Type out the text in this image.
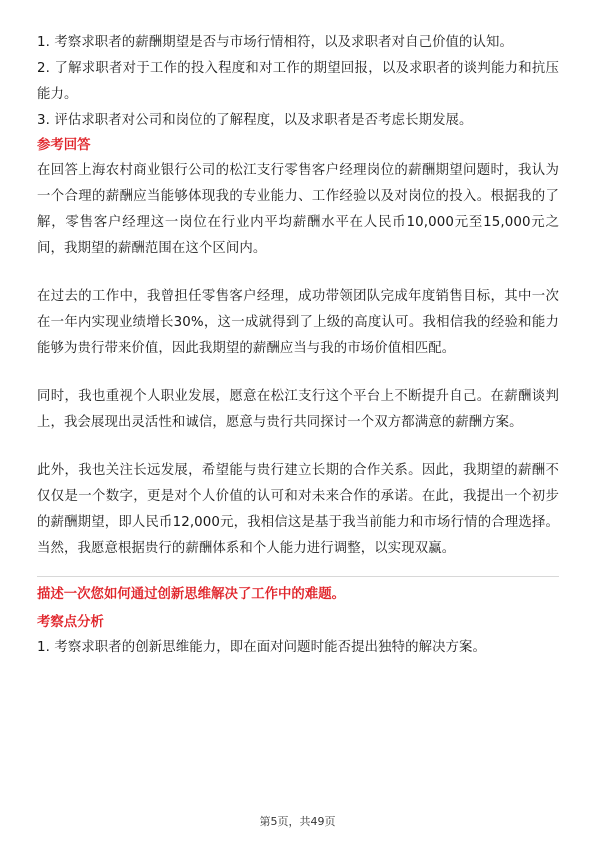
1. 考察求职者的薪酬期望是否与市场行情相符，以及求职者对自己价值的认知。

2. 了解求职者对于工作的投入程度和对工作的期望回报，以及求职者的谈判能力和抗压能力。

3. 评估求职者对公司和岗位的了解程度，以及求职者是否考虑长期发展。

参考回答

在回答上海农村商业银行公司的松江支行零售客户经理岗位的薪酬期望问题时，我认为一个合理的薪酬应当能够体现我的专业能力、工作经验以及对岗位的投入。根据我的了解，零售客户经理这一岗位在行业内平均薪酬水平在人民币10,000元至15,000元之间，我期望的薪酬范围在这个区间内。

在过去的工作中，我曾担任零售客户经理，成功带领团队完成年度销售目标，其中一次在一年内实现业绩增长30%，这一成就得到了上级的高度认可。我相信我的经验和能力能够为贵行带来价值，因此我期望的薪酬应当与我的市场价值相匹配。

同时，我也重视个人职业发展，愿意在松江支行这个平台上不断提升自己。在薪酬谈判上，我会展现出灵活性和诚信，愿意与贵行共同探讨一个双方都满意的薪酬方案。

此外，我也关注长远发展，希望能与贵行建立长期的合作关系。因此，我期望的薪酬不仅仅是一个数字，更是对个人价值的认可和对未来合作的承诺。在此，我提出一个初步的薪酬期望，即人民币12,000元，我相信这是基于我当前能力和市场行情的合理选择。当然，我愿意根据贵行的薪酬体系和个人能力进行调整，以实现双赢。

描述一次您如何通过创新思维解决了工作中的难题。

考察点分析

1. 考察求职者的创新思维能力，即在面对问题时能否提出独特的解决方案。

第5页，共49页
